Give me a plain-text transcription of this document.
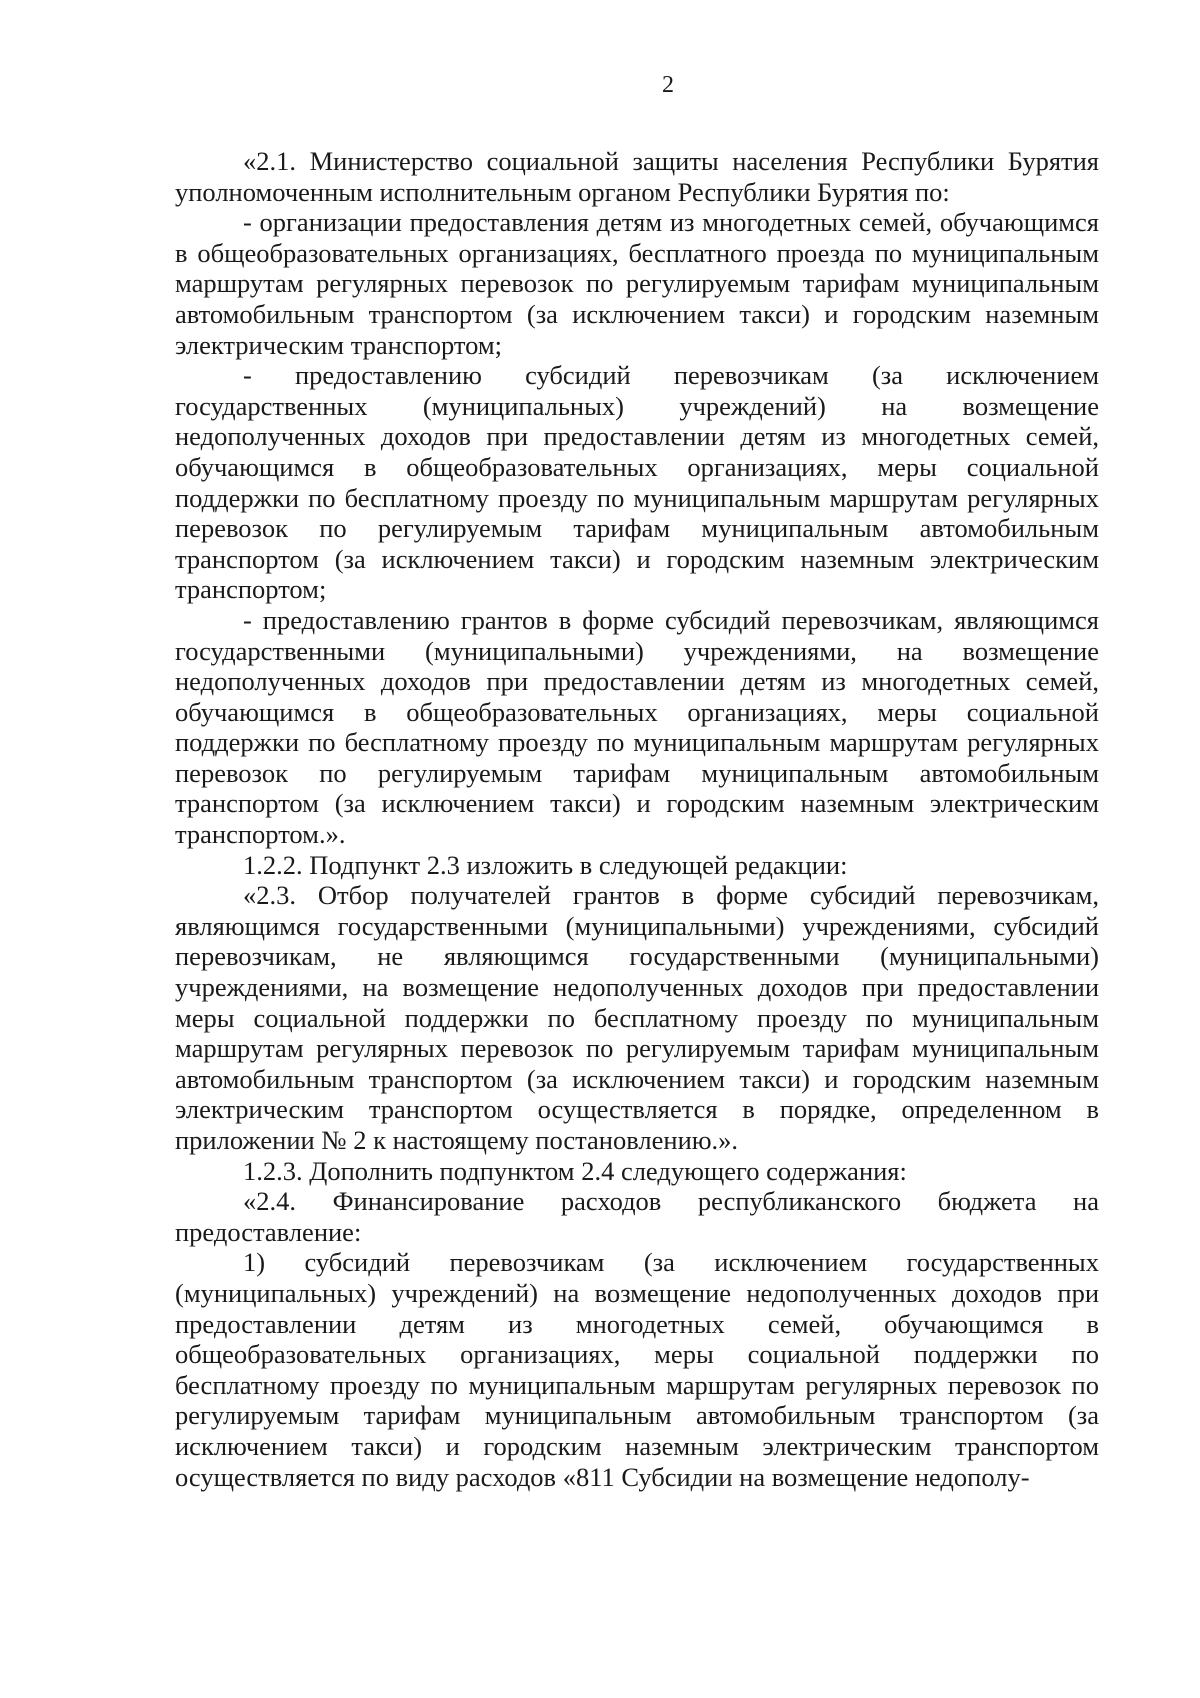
2

«2.1. Министерство социальной защиты населения Республики Бурятия уполномоченным исполнительным органом Республики Бурятия по:

- организации предоставления детям из многодетных семей, обучающимся в общеобразовательных организациях, бесплатного проезда по муниципальным маршрутам регулярных перевозок по регулируемым тарифам муниципальным автомобильным транспортом (за исключением такси) и городским наземным электрическим транспортом;

- предоставлению субсидий перевозчикам (за исключением государственных (муниципальных) учреждений) на возмещение недополученных доходов при предоставлении детям из многодетных семей, обучающимся в общеобразовательных организациях, меры социальной поддержки по бесплатному проезду по муниципальным маршрутам регулярных перевозок по регулируемым тарифам муниципальным автомобильным транспортом (за исключением такси) и городским наземным электрическим транспортом;

- предоставлению грантов в форме субсидий перевозчикам, являющимся государственными (муниципальными) учреждениями, на возмещение недополученных доходов при предоставлении детям из многодетных семей, обучающимся в общеобразовательных организациях, меры социальной поддержки по бесплатному проезду по муниципальным маршрутам регулярных перевозок по регулируемым тарифам муниципальным автомобильным транспортом (за исключением такси) и городским наземным электрическим транспортом.».

1.2.2. Подпункт 2.3 изложить в следующей редакции:

«2.3. Отбор получателей грантов в форме субсидий перевозчикам, являющимся государственными (муниципальными) учреждениями, субсидий перевозчикам, не являющимся государственными (муниципальными) учреждениями, на возмещение недополученных доходов при предоставлении меры социальной поддержки по бесплатному проезду по муниципальным маршрутам регулярных перевозок по регулируемым тарифам муниципальным автомобильным транспортом (за исключением такси) и городским наземным электрическим транспортом осуществляется в порядке, определенном в приложении № 2 к настоящему постановлению.».

1.2.3. Дополнить подпунктом 2.4 следующего содержания:

«2.4. Финансирование расходов республиканского бюджета на предоставление:

1) субсидий перевозчикам (за исключением государственных (муниципальных) учреждений) на возмещение недополученных доходов при предоставлении детям из многодетных семей, обучающимся в общеобразовательных организациях, меры социальной поддержки по бесплатному проезду по муниципальным маршрутам регулярных перевозок по регулируемым тарифам муниципальным автомобильным транспортом (за исключением такси) и городским наземным электрическим транспортом осуществляется по виду расходов «811 Субсидии на возмещение недополу-
